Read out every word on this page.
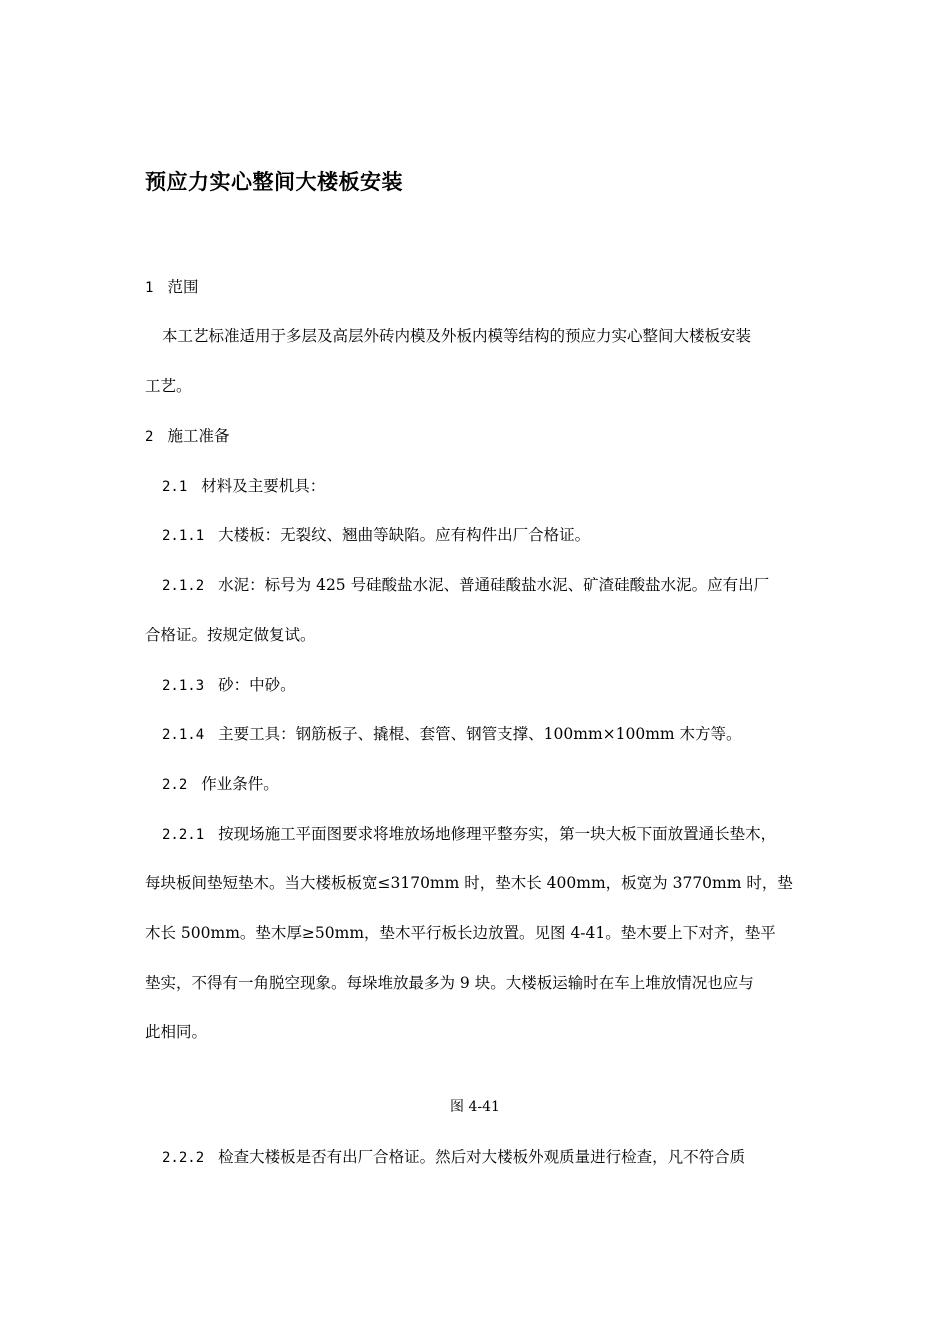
预应力实心整间大楼板安装
1 范围
本工艺标准适用于多层及高层外砖内模及外板内模等结构的预应力实心整间大楼板安装
工艺。
2 施工准备
2.1 材料及主要机具：
2.1.1 大楼板：无裂纹、翘曲等缺陷。应有构件出厂合格证。
2.1.2 水泥：标号为 425 号硅酸盐水泥、普通硅酸盐水泥、矿渣硅酸盐水泥。应有出厂
合格证。按规定做复试。
2.1.3 砂：中砂。
2.1.4 主要工具：钢筋板子、撬棍、套管、钢管支撑、100mm×100mm 木方等。
2.2 作业条件。
2.2.1 按现场施工平面图要求将堆放场地修理平整夯实，第一块大板下面放置通长垫木，
每块板间垫短垫木。当大楼板板宽≤3170mm 时，垫木长 400mm，板宽为 3770mm 时，垫
木长 500mm。垫木厚≥50mm，垫木平行板长边放置。见图 4-41。垫木要上下对齐，垫平
垫实，不得有一角脱空现象。每垛堆放最多为 9 块。大楼板运输时在车上堆放情况也应与
此相同。
图 4-41
2.2.2 检查大楼板是否有出厂合格证。然后对大楼板外观质量进行检查，凡不符合质
